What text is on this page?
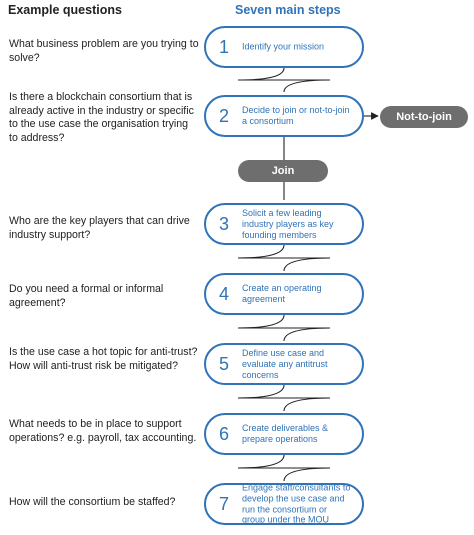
Example questions	Seven main steps
What business problem are you trying to solve?
Is there a blockchain consortium that is already active in the industry or specific to the use case the organisation trying to address?
Who are the key players that can drive industry support?
Do you need a formal or informal agreement?
Is the use case a hot topic for anti-trust? How will anti-trust risk be mitigated?
What needs to be in place to support operations? e.g. payroll, tax accounting.
How will the consortium be staffed?
1 Identify your mission
2 Decide to join or not-to-join a consortium
3
Solicit a few leading industry players as key founding members
4 Create an operating agreement
5
Define use case and evaluate any antitrust concerns
6 Create deliverables & prepare operations
7
Engage staff/consultants to develop the use case and run the consortium or group under the MOU
Not-to-join
Join
